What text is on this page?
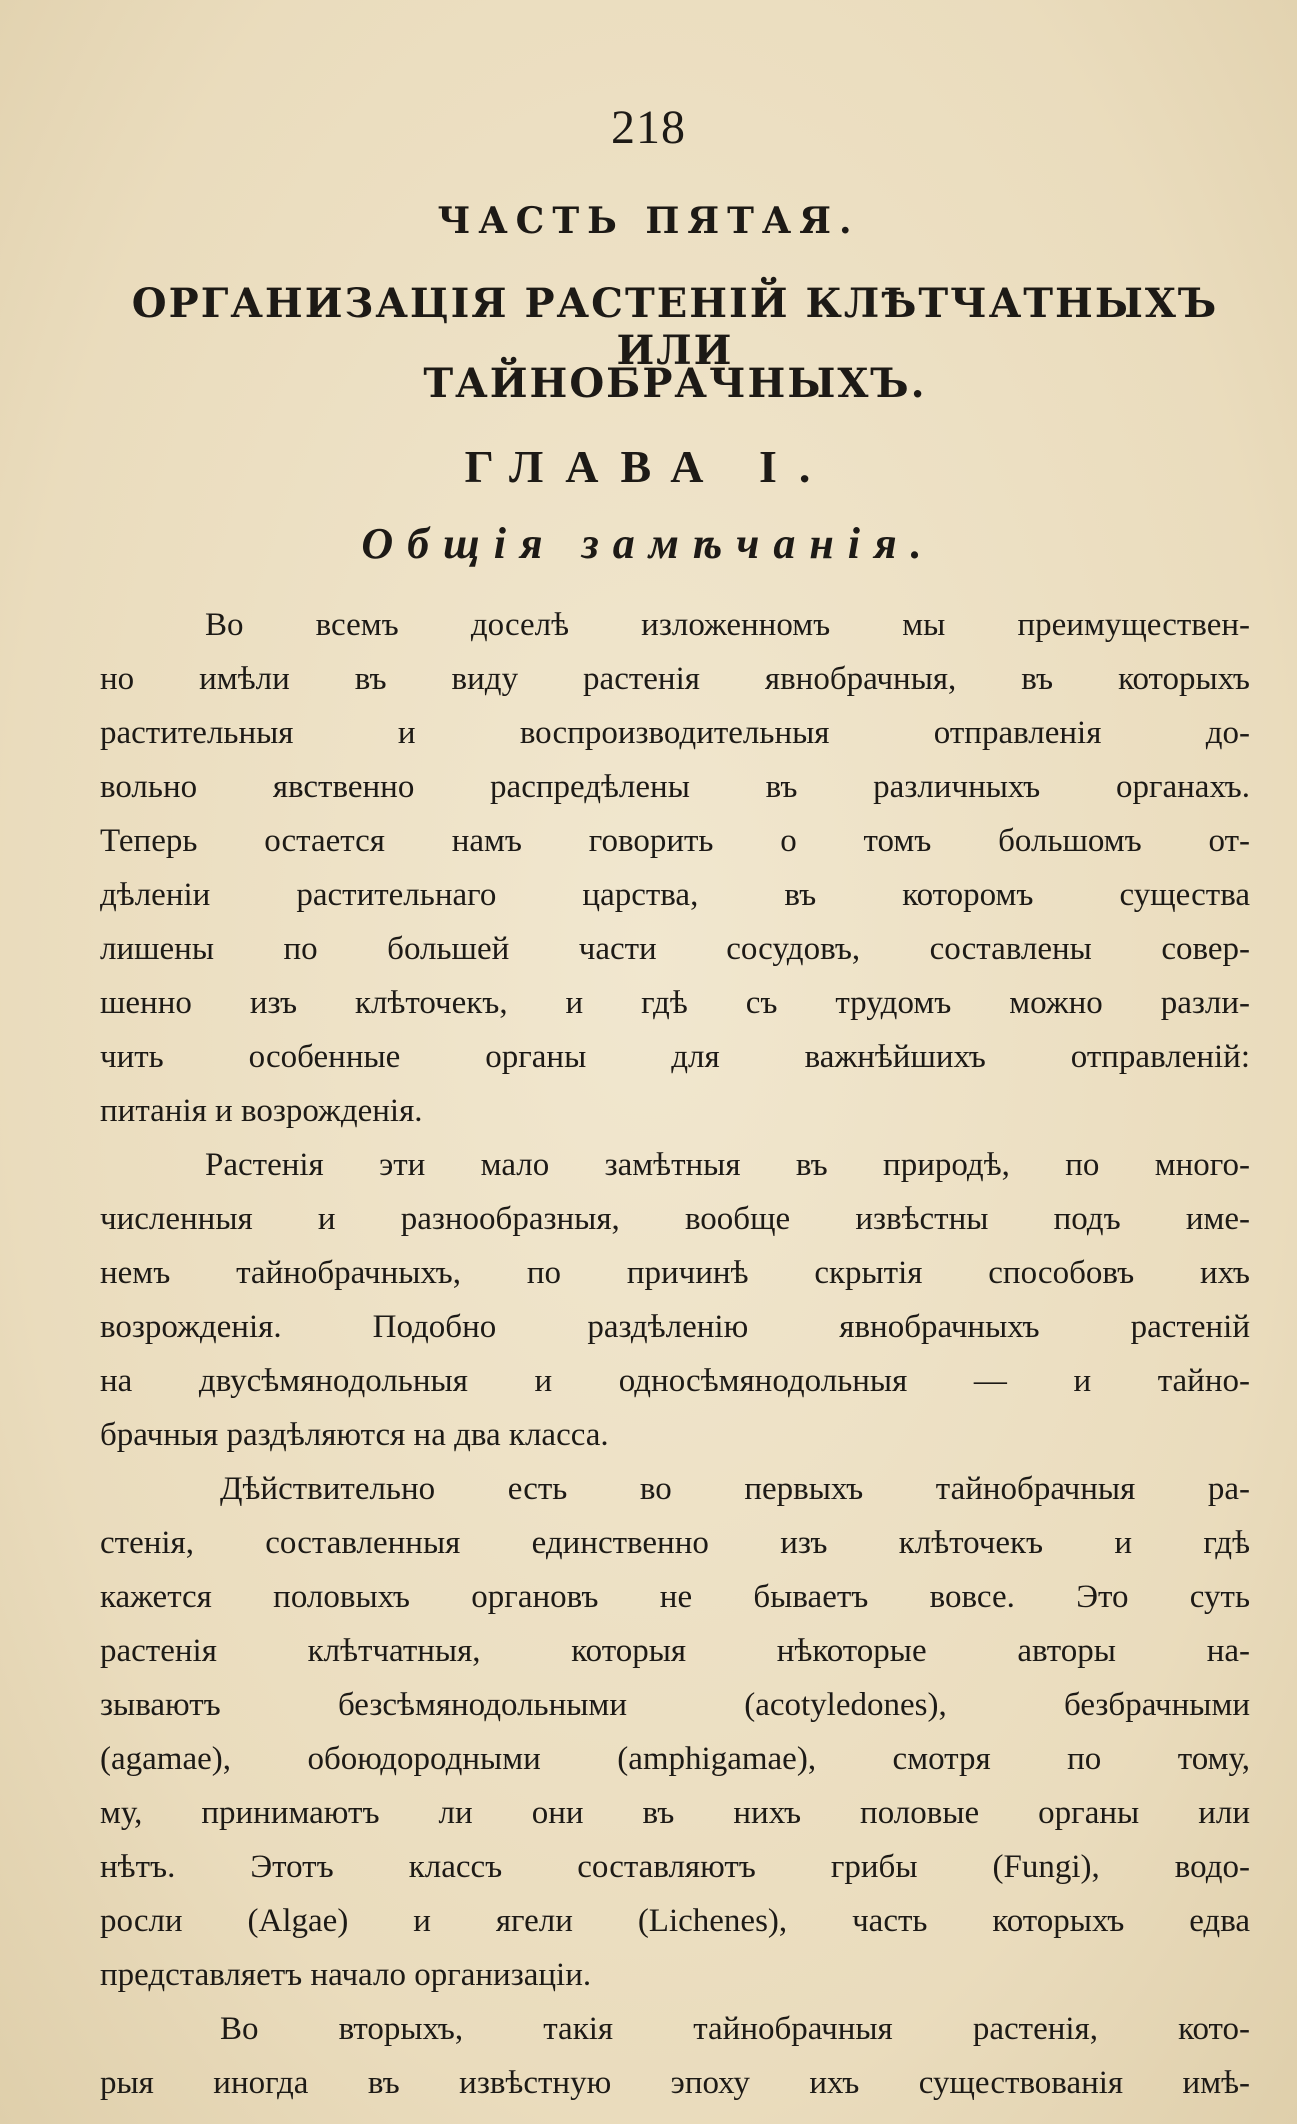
218
ЧАСТЬ ПЯТАЯ.
ОРГАНИЗАЦІЯ РАСТЕНІЙ КЛѢТЧАТНЫХЪ ИЛИ
ТАЙНОБРАЧНЫХЪ.
ГЛАВА I.
Общія замѣчанія.
Во всемъ доселѣ изложенномъ мы преимуществен-
но имѣли въ виду растенія явнобрачныя, въ которыхъ
растительныя и воспроизводительныя отправленія до-
вольно явственно распредѣлены въ различныхъ органахъ.
Теперь остается намъ говорить о томъ большомъ от-
дѣленіи растительнаго царства, въ которомъ существа
лишены по большей части сосудовъ, составлены совер-
шенно изъ клѣточекъ, и гдѣ съ трудомъ можно разли-
чить особенные органы для важнѣйшихъ отправленій:
питанія и возрожденія.
Растенія эти мало замѣтныя въ природѣ, по много-
численныя и разнообразныя, вообще извѣстны подъ име-
немъ тайнобрачныхъ, по причинѣ скрытія способовъ ихъ
возрожденія. Подобно раздѣленію явнобрачныхъ растеній
на двусѣмянодольныя и односѣмянодольныя — и тайно-
брачныя раздѣляются на два класса.
Дѣйствительно есть во первыхъ тайнобрачныя ра-
стенія, составленныя единственно изъ клѣточекъ и гдѣ
кажется половыхъ органовъ не бываетъ вовсе. Это суть
растенія клѣтчатныя, которыя нѣкоторые авторы на-
зываютъ безсѣмянодольными (acotyledones), безбрачными
(agamae), обоюдородными (amphigamae), смотря по тому,
му, принимаютъ ли они въ нихъ половые органы или
нѣтъ. Этотъ классъ составляютъ грибы (Fungi), водо-
росли (Algae) и ягели (Lichenes), часть которыхъ едва
представляетъ начало организаціи.
Во вторыхъ, такія тайнобрачныя растенія, кото-
рыя иногда въ извѣстную эпоху ихъ существованія имѣ-
